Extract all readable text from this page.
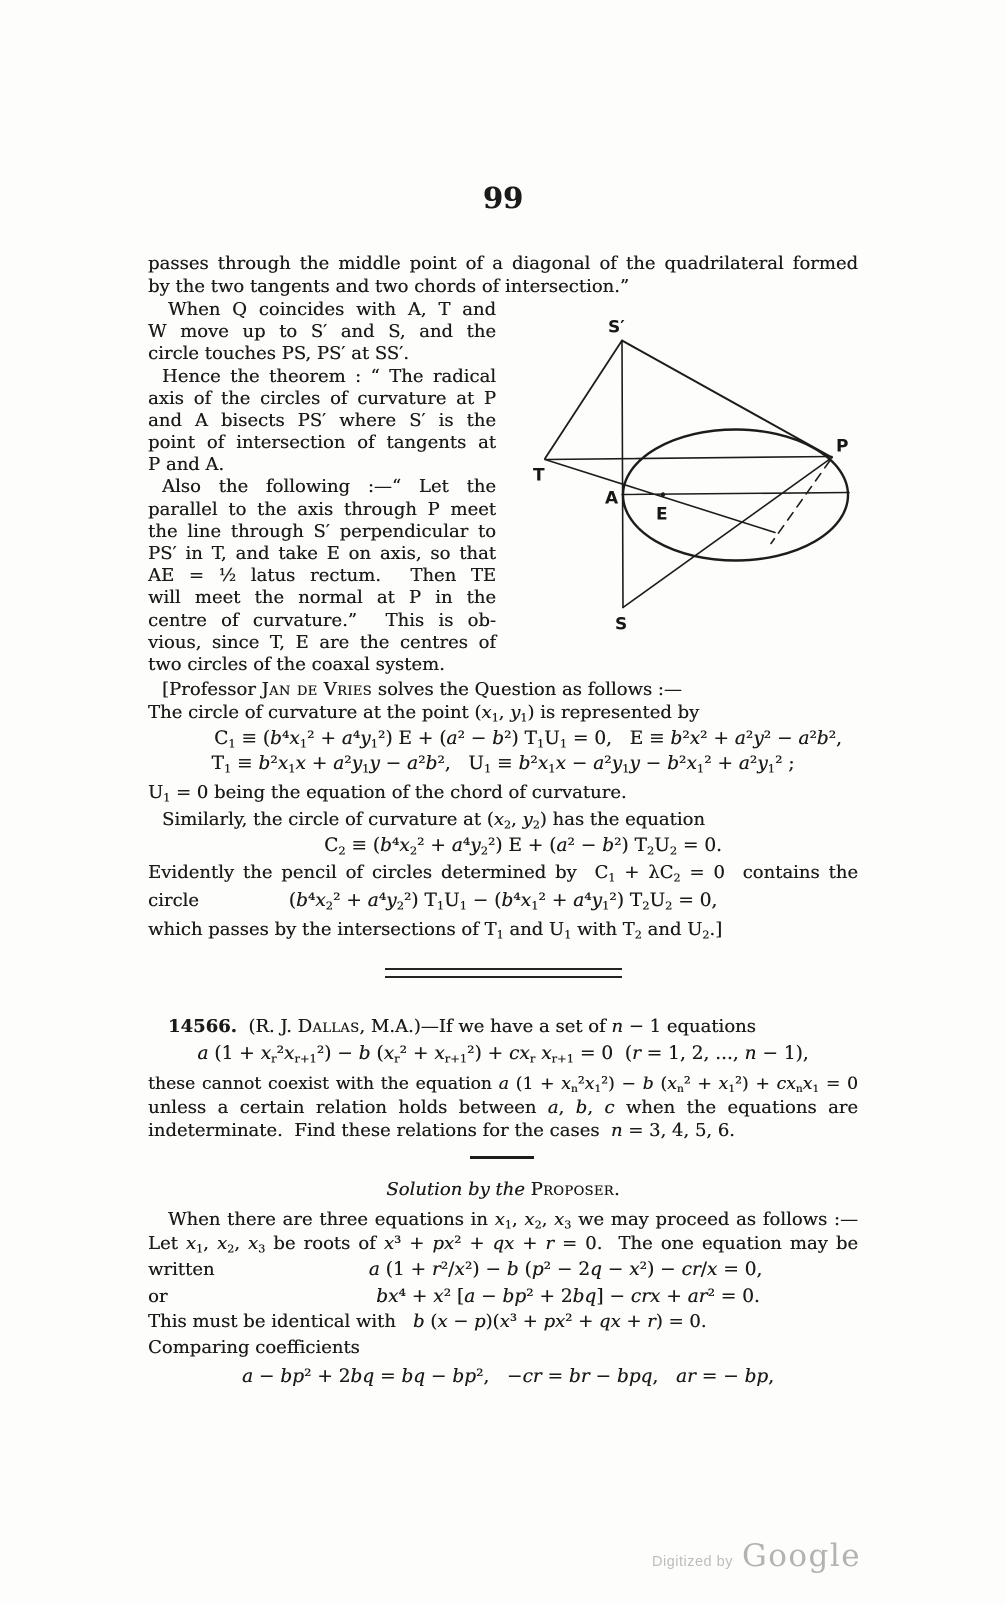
99
passes through the middle point of a diagonal of the quadrilateral formed
by the two tangents and two chords of intersection.”
When Q coincides with A, T and
W move up to S′ and S, and the
circle touches PS, PS′ at SS′.
Hence the theorem : “ The radical
axis of the circles of curvature at P
and A bisects PS′ where S′ is the
point of intersection of tangents at
P and A.
Also the following :—“ Let the
parallel to the axis through P meet
the line through S′ perpendicular to
PS′ in T, and take E on axis, so that
AE = ½ latus rectum.  Then TE
will meet the normal at P in the
centre of curvature.”  This is ob-
vious, since T, E are the centres of
two circles of the coaxal system.
S′
T
P
A
E
S
[Professor Jan de Vries solves the Question as follows :—
The circle of curvature at the point ($x_1$, $y_1$) is represented by
$C_1 \equiv (b^4x_1^2 + a^4y_1^2) E + (a^2 - b^2) T_1U_1 = 0$,   E ≡ b²x² + a²y² − a²b²,
$T_1 \equiv b^2x_1x + a^2y_1y - a^2b^2$,   $U_1 \equiv b^2x_1x - a^2y_1y - b^2x_1^2 + a^2y_1^2$ ;
$U_1 = 0$ being the equation of the chord of curvature.
Similarly, the circle of curvature at ($x_2$, $y_2$) has the equation
$C_2 \equiv (b^4x_2^2 + a^4y_2^2) E + (a^2 - b^2) T_2U_2 = 0$.
Evidently the pencil of circles determined by  $C_1 + \lambda C_2 = 0$  contains the
circle	$(b^4x_2^2 + a^4y_2^2) T_1U_1 - (b^4x_1^2 + a^4y_1^2) T_2U_2 = 0$,
which passes by the intersections of $T_1$ and $U_1$ with $T_2$ and $U_2$.]
14566.  (R. J. Dallas, M.A.)—If we have a set of n − 1 equations
a $(1 + x_r^2x_{r+1}^2) - b$ $(x_r^2 + x_{r+1}^2) + cx_r$ $x_{r+1} = 0$  (r = 1, 2, ..., n − 1),
these cannot coexist with the equation a $(1 + x_n^2x_1^2) - b$ $(x_n^2 + x_1^2) + cx_nx_1 = 0$
unless a certain relation holds between a, b, c when the equations are
indeterminate.  Find these relations for the cases  n = 3, 4, 5, 6.
Solution by the Proposer.
When there are three equations in $x_1$, $x_2$, $x_3$ we may proceed as follows :—
Let $x_1$, $x_2$, $x_3$ be roots of x³ + px² + qx + r = 0.  The one equation may be
written	a (1 + r²/x²) − b (p² − 2q − x²) − cr/x = 0,
or	bx⁴ + x² [a − bp² + 2bq] − crx + ar² = 0.
This must be identical with   b (x − p)(x³ + px² + qx + r) = 0.
Comparing coefficients
a − bp² + 2bq = bq − bp²,   −cr = br − bpq,   ar = − bp,
Digitized by Google
